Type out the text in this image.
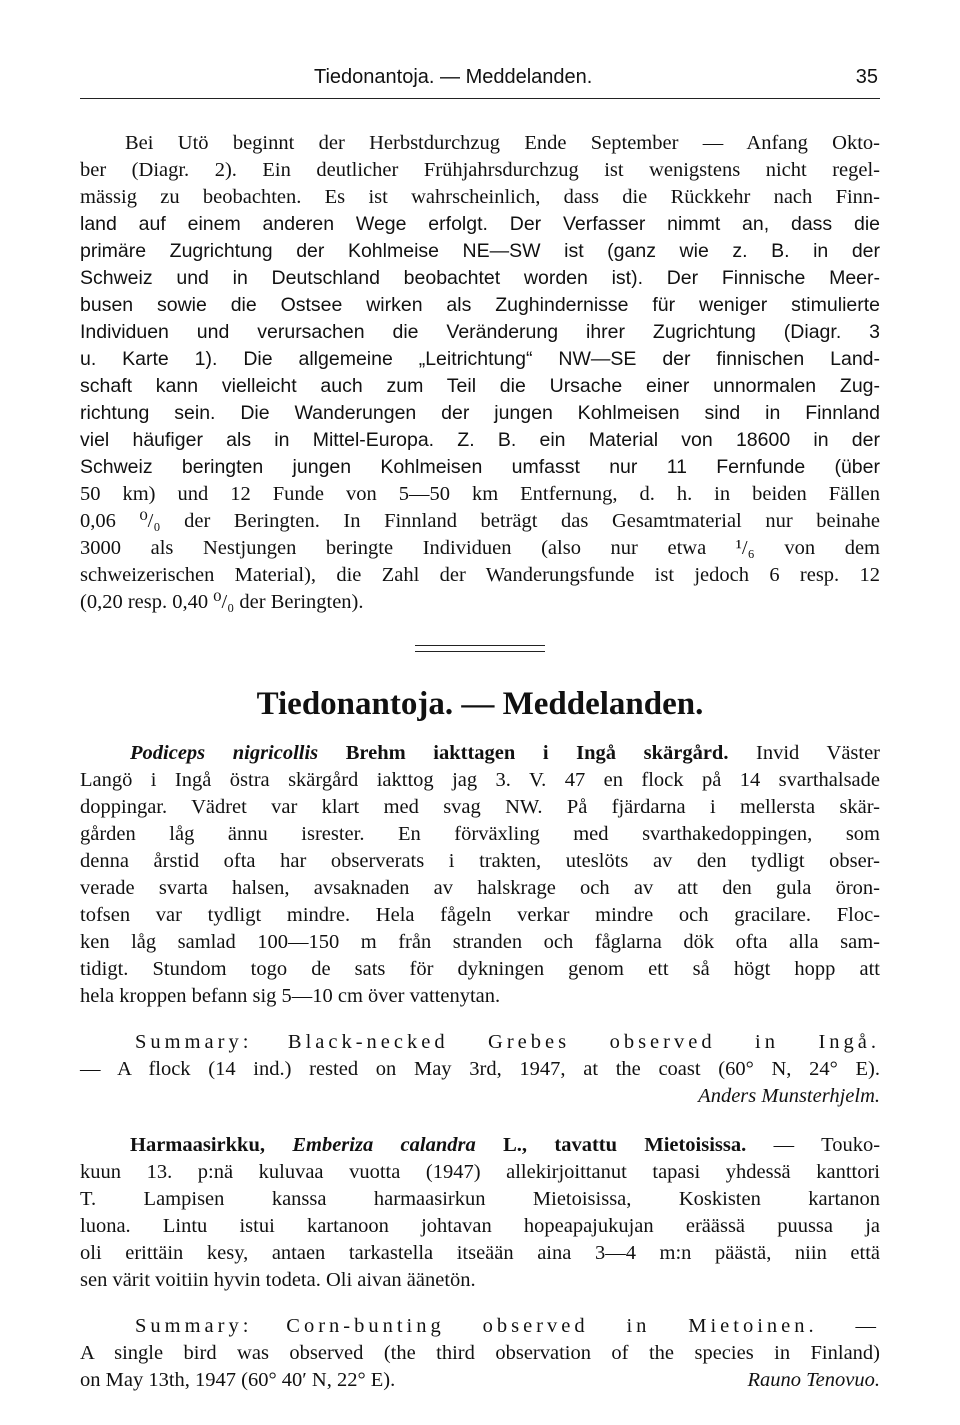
Tiedonantoja. — Meddelanden.	35
Bei Utö beginnt der Herbstdurchzug Ende September — Anfang Okto-
ber (Diagr. 2). Ein deutlicher Frühjahrsdurchzug ist wenigstens nicht regel-
mässig zu beobachten. Es ist wahrscheinlich, dass die Rückkehr nach Finn-
land auf einem anderen Wege erfolgt. Der Verfasser nimmt an, dass die
primäre Zugrichtung der Kohlmeise NE—SW ist (ganz wie z. B. in der
Schweiz und in Deutschland beobachtet worden ist). Der Finnische Meer-
busen sowie die Ostsee wirken als Zughindernisse für weniger stimulierte
Individuen und verursachen die Veränderung ihrer Zugrichtung (Diagr. 3
u. Karte 1). Die allgemeine „Leitrichtung“ NW—SE der finnischen Land-
schaft kann vielleicht auch zum Teil die Ursache einer unnormalen Zug-
richtung sein. Die Wanderungen der jungen Kohlmeisen sind in Finnland
viel häufiger als in Mittel-Europa. Z. B. ein Material von 18600 in der
Schweiz beringten jungen Kohlmeisen umfasst nur 11 Fernfunde (über
50 km) und 12 Funde von 5—50 km Entfernung, d. h. in beiden Fällen
0,06 ⁰/₀ der Beringten. In Finnland beträgt das Gesamtmaterial nur beinahe
3000 als Nestjungen beringte Individuen (also nur etwa ¹/₆ von dem
schweizerischen Material), die Zahl der Wanderungsfunde ist jedoch 6 resp. 12
(0,20 resp. 0,40 ⁰/₀ der Beringten).
Tiedonantoja. — Meddelanden.
Podiceps nigricollis Brehm iakttagen i Ingå skärgård. Invid Väster
Langö i Ingå östra skärgård iakttog jag 3. V. 47 en flock på 14 svarthalsade
doppingar. Vädret var klart med svag NW. På fjärdarna i mellersta skär-
gården låg ännu isrester. En förväxling med svarthakedoppingen, som
denna årstid ofta har observerats i trakten, uteslöts av den tydligt obser-
verade svarta halsen, avsaknaden av halskrage och av att den gula öron-
tofsen var tydligt mindre. Hela fågeln verkar mindre och gracilare. Floc-
ken låg samlad 100—150 m från stranden och fåglarna dök ofta alla sam-
tidigt. Stundom togo de sats för dykningen genom ett så högt hopp att
hela kroppen befann sig 5—10 cm över vattenytan.
Summary: Black-necked Grebes observed in Ingå.
— A flock (14 ind.) rested on May 3rd, 1947, at the coast (60° N, 24° E).
Anders Munsterhjelm.
Harmaasirkku, Emberiza calandra L., tavattu Mietoisissa. — Touko-
kuun 13. p:nä kuluvaa vuotta (1947) allekirjoittanut tapasi yhdessä kanttori
T. Lampisen kanssa harmaasirkun Mietoisissa, Koskisten kartanon
luona. Lintu istui kartanoon johtavan hopeapajukujan eräässä puussa ja
oli erittäin kesy, antaen tarkastella itseään aina 3—4 m:n päästä, niin että
sen värit voitiin hyvin todeta. Oli aivan äänetön.
Summary: Corn-bunting observed in Mietoinen. —
A single bird was observed (the third observation of the species in Finland)
on May 13th, 1947 (60° 40′ N, 22° E).	Rauno Tenovuo.
